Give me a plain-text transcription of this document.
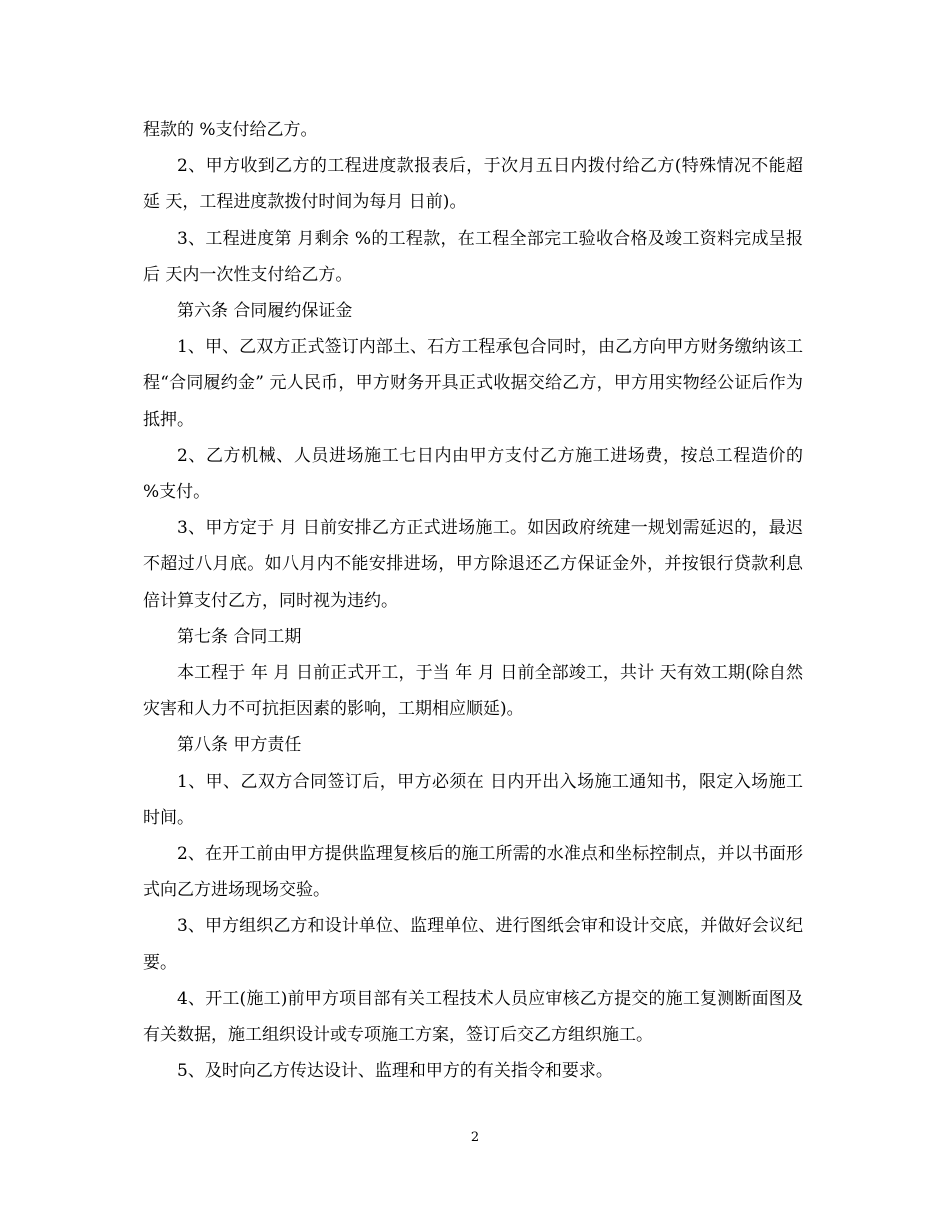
程款的 %支付给乙方。

2、甲方收到乙方的工程进度款报表后，于次月五日内拨付给乙方(特殊情况不能超延 天，工程进度款拨付时间为每月 日前)。

3、工程进度第 月剩余 %的工程款，在工程全部完工验收合格及竣工资料完成呈报后 天内一次性支付给乙方。

第六条 合同履约保证金

1、甲、乙双方正式签订内部土、石方工程承包合同时，由乙方向甲方财务缴纳该工程“合同履约金” 元人民币，甲方财务开具正式收据交给乙方，甲方用实物经公证后作为抵押。

2、乙方机械、人员进场施工七日内由甲方支付乙方施工进场费，按总工程造价的 %支付。

3、甲方定于 月 日前安排乙方正式进场施工。如因政府统建一规划需延迟的，最迟不超过八月底。如八月内不能安排进场，甲方除退还乙方保证金外，并按银行贷款利息 倍计算支付乙方，同时视为违约。

第七条 合同工期

本工程于 年 月 日前正式开工，于当 年 月 日前全部竣工，共计 天有效工期(除自然灾害和人力不可抗拒因素的影响，工期相应顺延)。

第八条 甲方责任

1、甲、乙双方合同签订后，甲方必须在 日内开出入场施工通知书，限定入场施工时间。

2、在开工前由甲方提供监理复核后的施工所需的水准点和坐标控制点，并以书面形式向乙方进场现场交验。

3、甲方组织乙方和设计单位、监理单位、进行图纸会审和设计交底，并做好会议纪要。

4、开工(施工)前甲方项目部有关工程技术人员应审核乙方提交的施工复测断面图及有关数据，施工组织设计或专项施工方案，签订后交乙方组织施工。

5、及时向乙方传达设计、监理和甲方的有关指令和要求。

2
